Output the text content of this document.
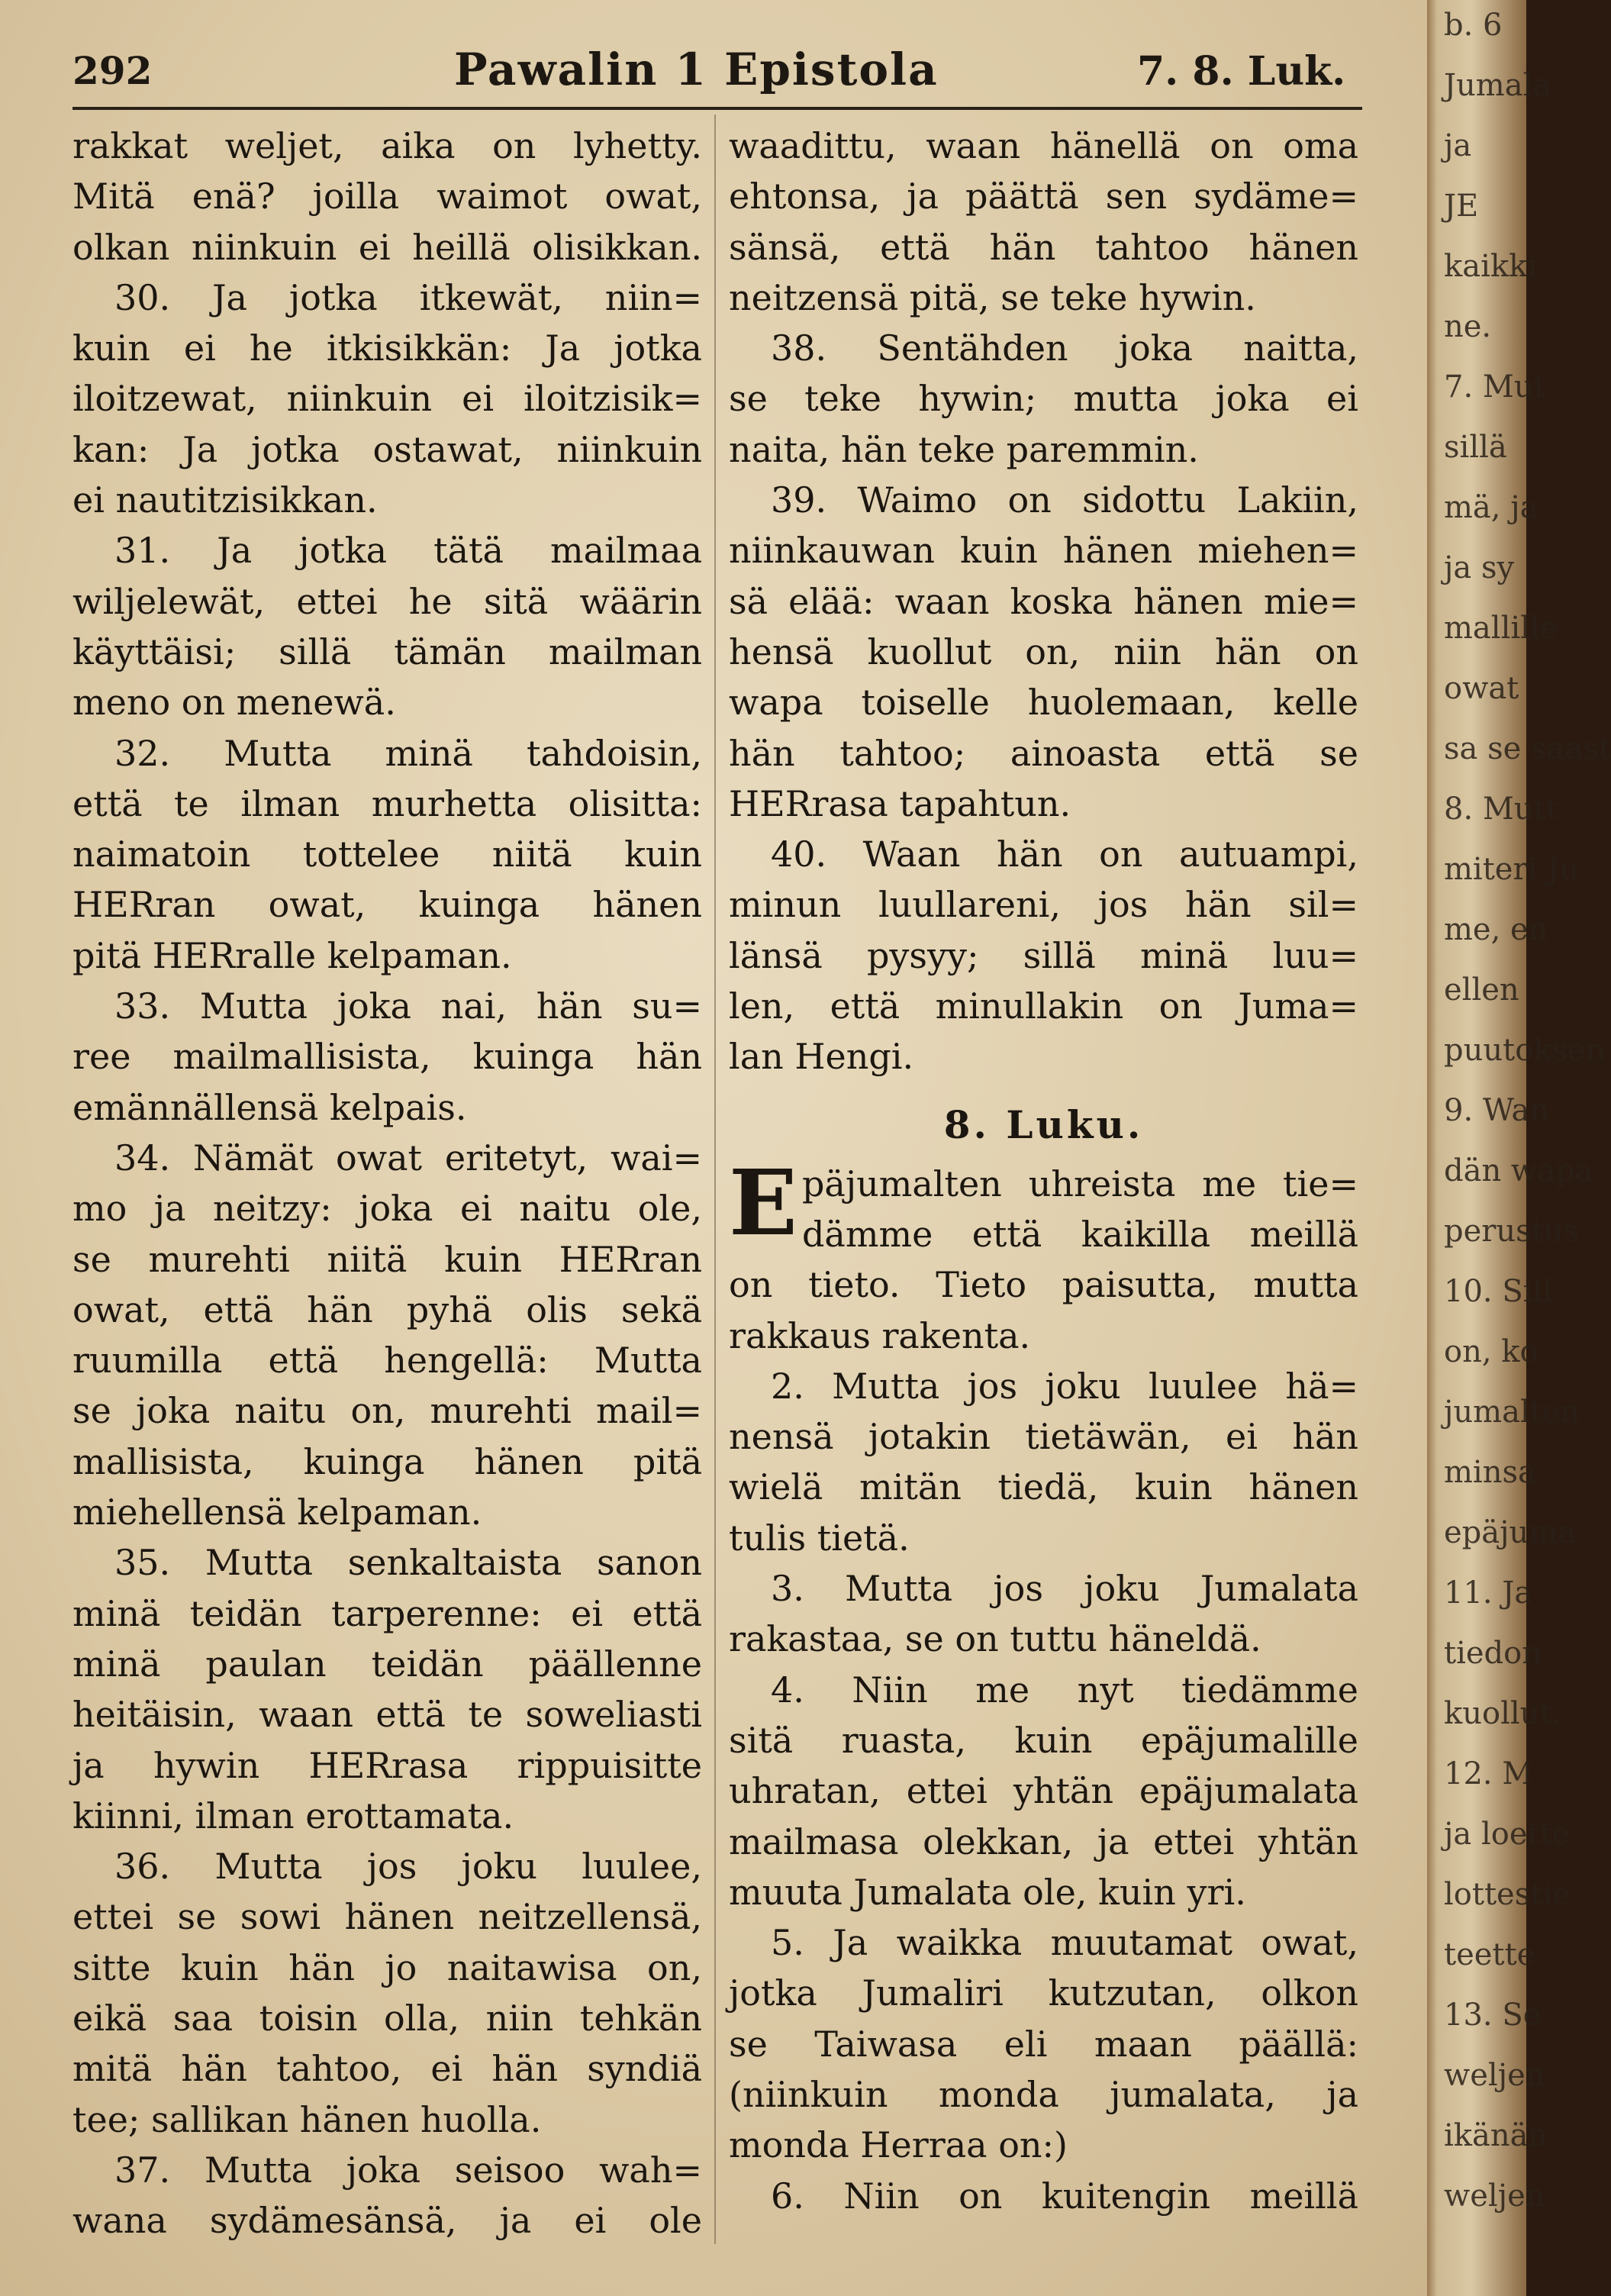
292	Pawalin 1 Epistola	7. 8. Luk.
rakkat weljet, aika on lyhetty.
Mitä enä? joilla waimot owat,
olkan niinkuin ei heillä olisikkan.
30. Ja jotka itkewät, niin=
kuin ei he itkisikkän: Ja jotka
iloitzewat, niinkuin ei iloitzisik=
kan: Ja jotka ostawat, niinkuin
ei nautitzisikkan.
31. Ja jotka tätä mailmaa
wiljelewät, ettei he sitä wäärin
käyttäisi; sillä tämän mailman
meno on menewä.
32. Mutta minä tahdoisin,
että te ilman murhetta olisitta:
naimatoin tottelee niitä kuin
HERran owat, kuinga hänen
pitä HERralle kelpaman.
33. Mutta joka nai, hän su=
ree mailmallisista, kuinga hän
emännällensä kelpais.
34. Nämät owat eritetyt, wai=
mo ja neitzy: joka ei naitu ole,
se murehti niitä kuin HERran
owat, että hän pyhä olis sekä
ruumilla että hengellä: Mutta
se joka naitu on, murehti mail=
mallisista, kuinga hänen pitä
miehellensä kelpaman.
35. Mutta senkaltaista sanon
minä teidän tarperenne: ei että
minä paulan teidän päällenne
heitäisin, waan että te soweliasti
ja hywin HERrasa rippuisitte
kiinni, ilman erottamata.
36. Mutta jos joku luulee,
ettei se sowi hänen neitzellensä,
sitte kuin hän jo naitawisa on,
eikä saa toisin olla, niin tehkän
mitä hän tahtoo, ei hän syndiä
tee; sallikan hänen huolla.
37. Mutta joka seisoo wah=
wana sydämesänsä, ja ei ole
waadittu, waan hänellä on oma
ehtonsa, ja päättä sen sydäme=
sänsä, että hän tahtoo hänen
neitzensä pitä, se teke hywin.
38. Sentähden joka naitta,
se teke hywin; mutta joka ei
naita, hän teke paremmin.
39. Waimo on sidottu Lakiin,
niinkauwan kuin hänen miehen=
sä elää: waan koska hänen mie=
hensä kuollut on, niin hän on
wapa toiselle huolemaan, kelle
hän tahtoo; ainoasta että se
HERrasa tapahtun.
40. Waan hän on autuampi,
minun luullareni, jos hän sil=
länsä pysyy; sillä minä luu=
len, että minullakin on Juma=
lan Hengi.
8. Luku.
E päjumalten uhreista me tie=
dämme että kaikilla meillä
on tieto. Tieto paisutta, mutta
rakkaus rakenta.
2. Mutta jos joku luulee hä=
nensä jotakin tietäwän, ei hän
wielä mitän tiedä, kuin hänen
tulis tietä.
3. Mutta jos joku Jumalata
rakastaa, se on tuttu häneldä.
4. Niin me nyt tiedämme
sitä ruasta, kuin epäjumalille
uhratan, ettei yhtän epäjumalata
mailmasa olekkan, ja ettei yhtän
muuta Jumalata ole, kuin yri.
5. Ja waikka muutamat owat,
jotka Jumaliri kutzutan, olkon
se Taiwasa eli maan päällä:
(niinkuin monda jumalata, ja
monda Herraa on:)
6. Niin on kuitengin meillä
b. 6
Jumala
ja
JE
kaikki
ne.
7. Mut
sillä
mä, ja
ja sy
mallille
owat
sa se saast
8. Mutt
miteri Ju
me, en
ellen
puutoksen
9. Wan
dän wapa
perustus
10. Sill
on, ko
jumalten
minsa
epäjuma
11. Ja
tiedon
kuollut.
12. M
ja loette
lottestie
teette
13. Se
weljen
ikänän
weljen
